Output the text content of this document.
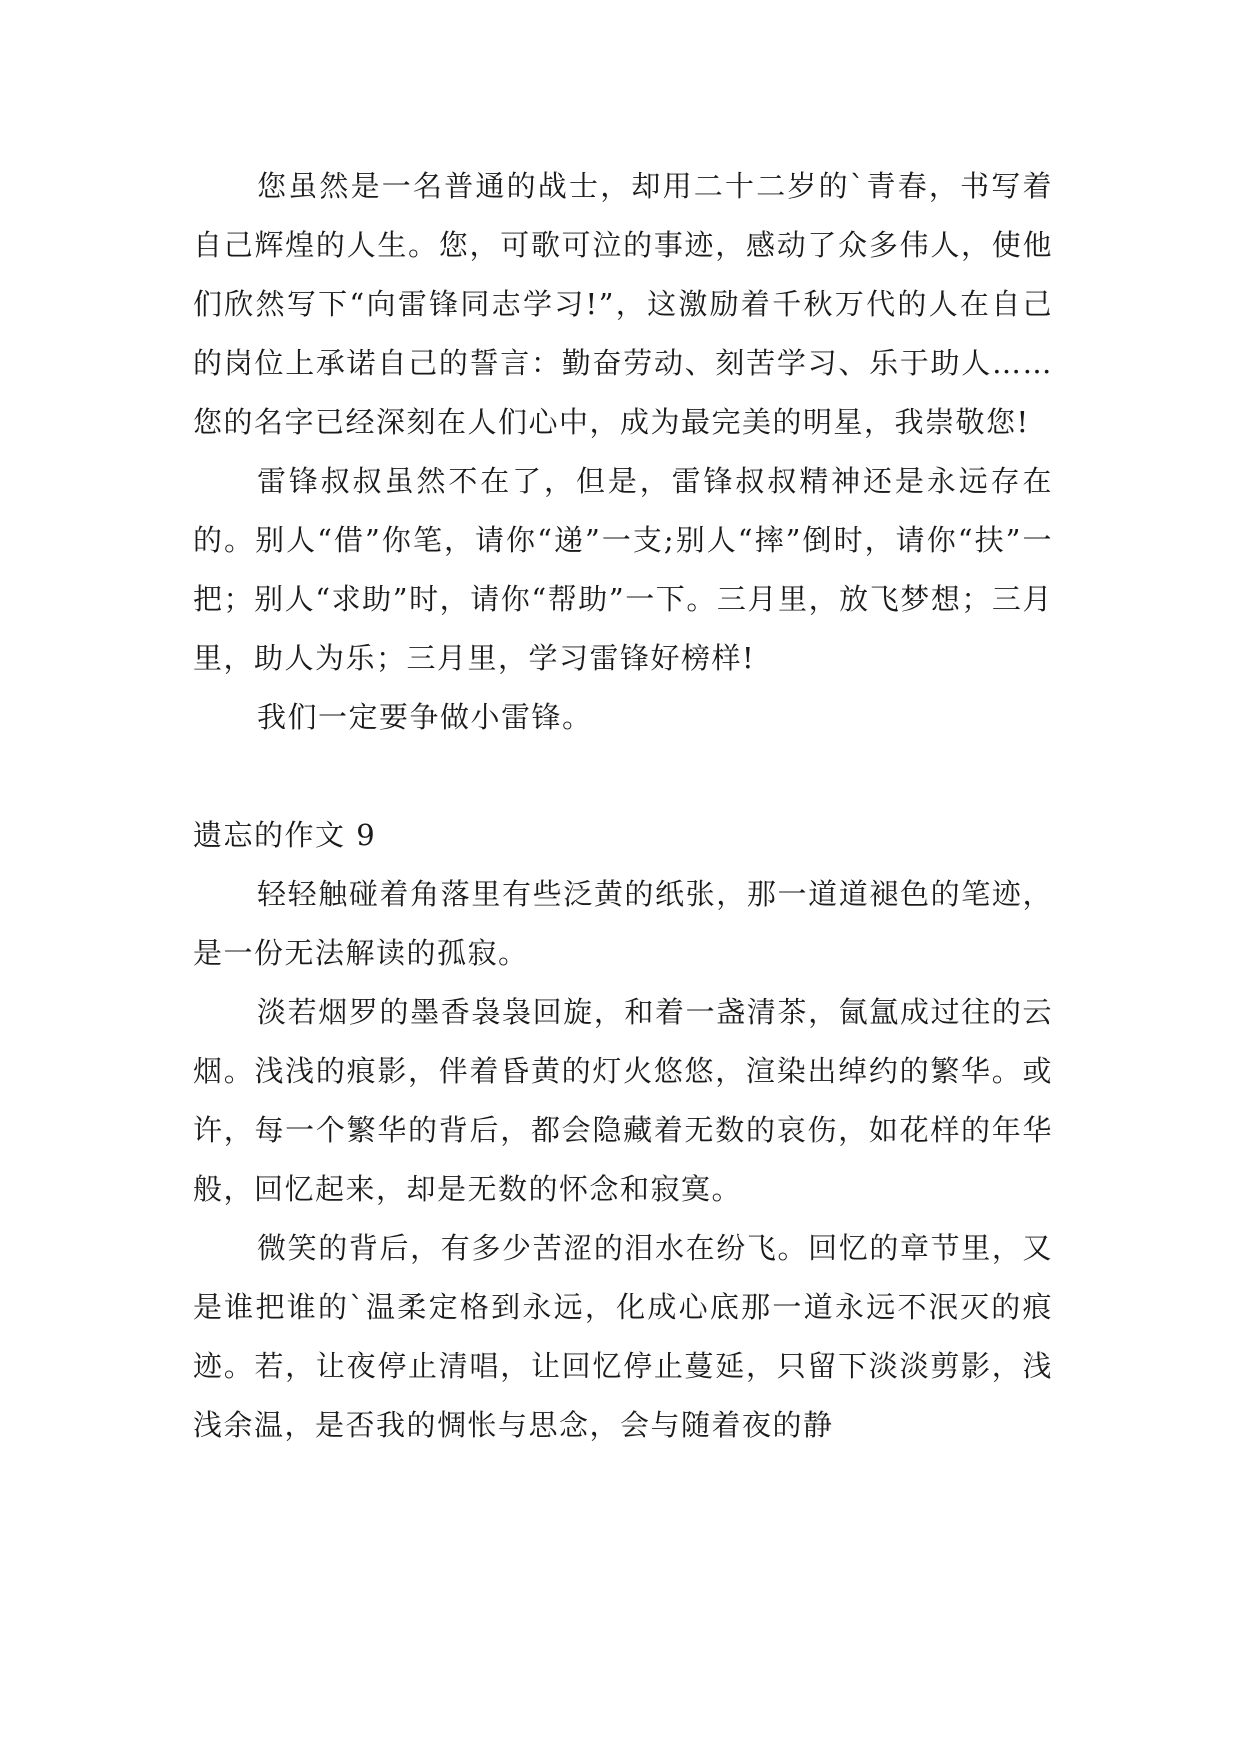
您虽然是一名普通的战士，却用二十二岁的`青春，书写着自己辉煌的人生。您，可歌可泣的事迹，感动了众多伟人，使他们欣然写下“向雷锋同志学习!”，这激励着千秋万代的人在自己的岗位上承诺自己的誓言：勤奋劳动、刻苦学习、乐于助人……您的名字已经深刻在人们心中，成为最完美的明星，我崇敬您!

雷锋叔叔虽然不在了，但是，雷锋叔叔精神还是永远存在的。别人“借”你笔，请你“递”一支;别人“摔”倒时，请你“扶”一把；别人“求助”时，请你“帮助”一下。三月里，放飞梦想；三月里，助人为乐；三月里，学习雷锋好榜样!

我们一定要争做小雷锋。

遗忘的作文 9

轻轻触碰着角落里有些泛黄的纸张，那一道道褪色的笔迹，是一份无法解读的孤寂。

淡若烟罗的墨香袅袅回旋，和着一盏清茶，氤氲成过往的云烟。浅浅的痕影，伴着昏黄的灯火悠悠，渲染出绰约的繁华。或许，每一个繁华的背后，都会隐藏着无数的哀伤，如花样的年华般，回忆起来，却是无数的怀念和寂寞。

微笑的背后，有多少苦涩的泪水在纷飞。回忆的章节里，又是谁把谁的`温柔定格到永远，化成心底那一道永远不泯灭的痕迹。若，让夜停止清唱，让回忆停止蔓延，只留下淡淡剪影，浅浅余温，是否我的惆怅与思念，会与随着夜的静
